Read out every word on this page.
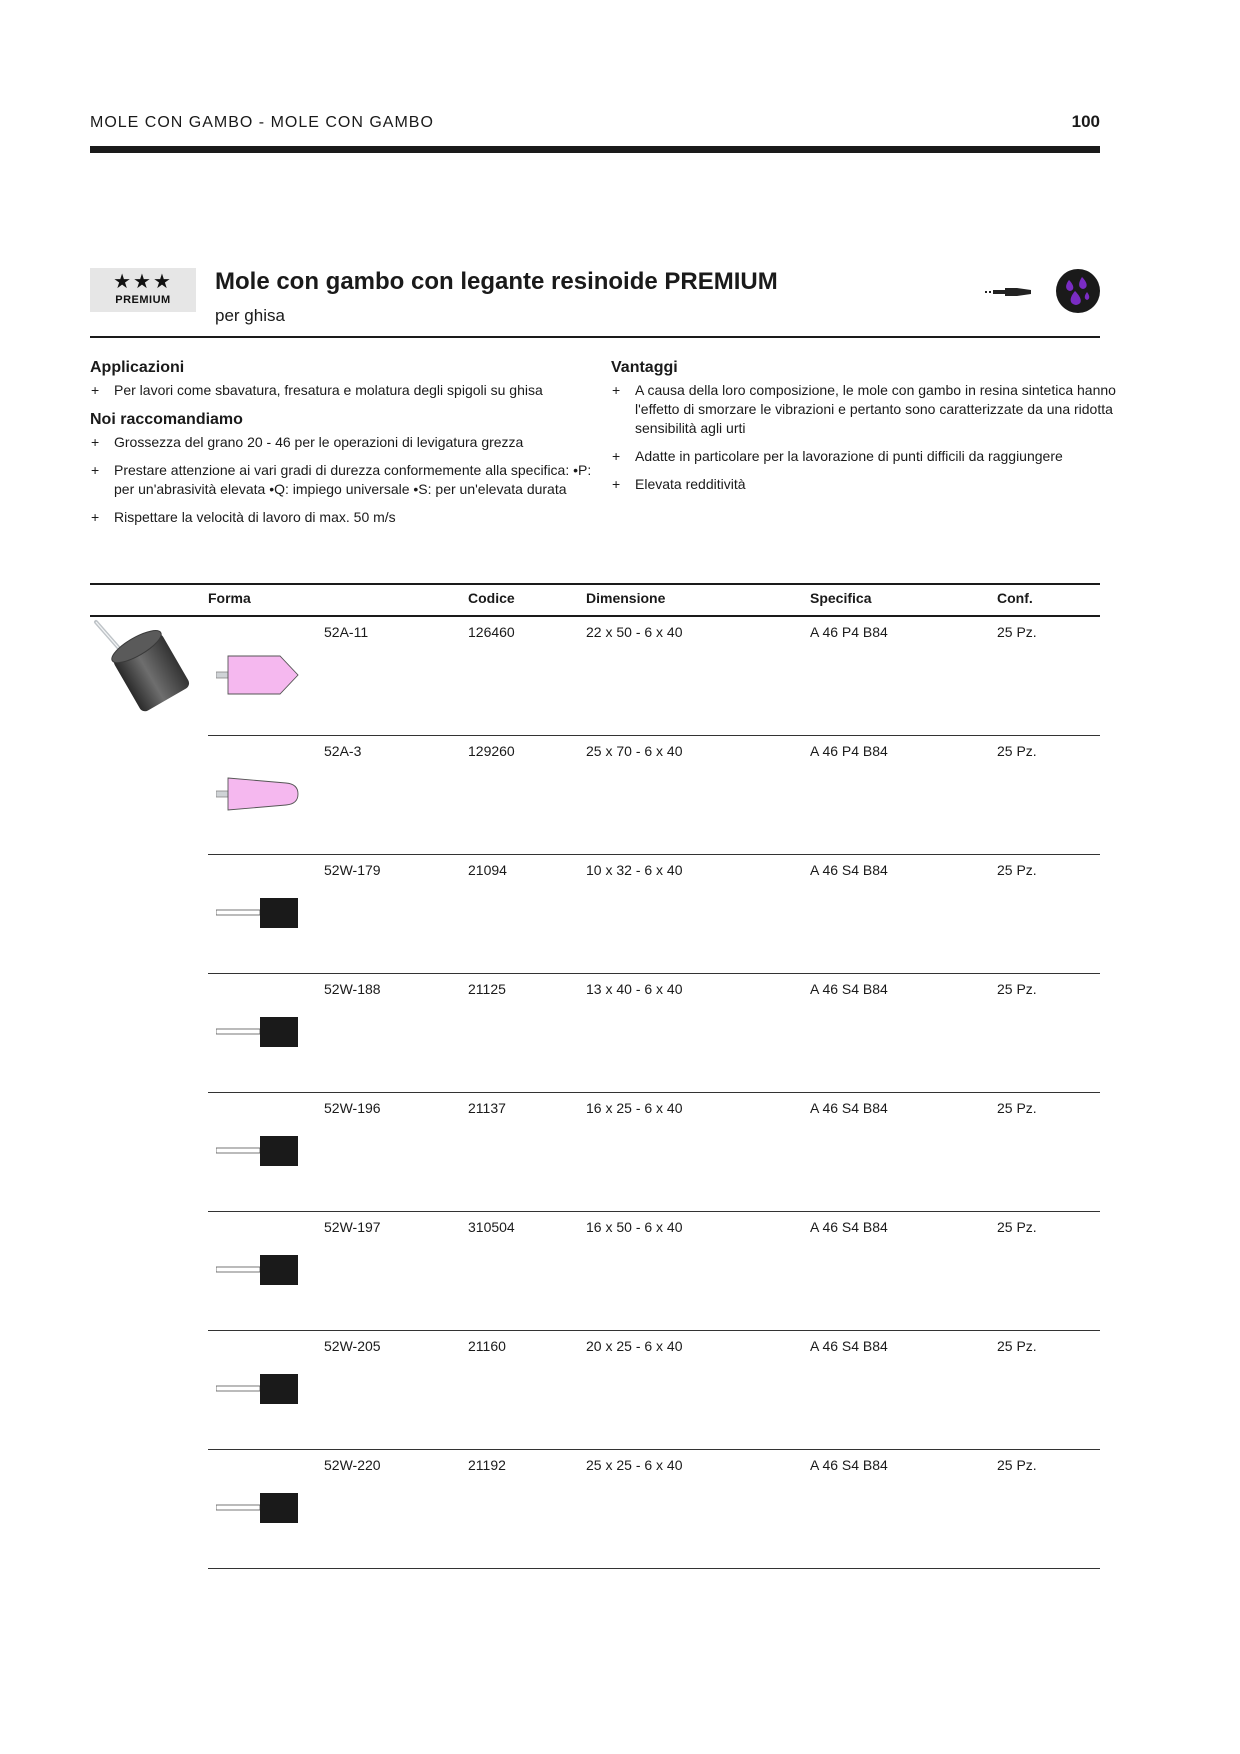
MOLE CON GAMBO - MOLE CON GAMBO	100
★★★
PREMIUM
Mole con gambo con legante resinoide PREMIUM
per ghisa
Applicazioni
+ Per lavori come sbavatura, fresatura e molatura degli spigoli su ghisa
Noi raccomandiamo
+ Grossezza del grano 20 - 46 per le operazioni di levigatura grezza
+ Prestare attenzione ai vari gradi di durezza conformemente alla specifica: •P: per un'abrasività elevata •Q: impiego universale •S: per un'elevata durata
+ Rispettare la velocità di lavoro di max. 50 m/s
Vantaggi
+ A causa della loro composizione, le mole con gambo in resina sintetica hanno l'effetto di smorzare le vibrazioni e pertanto sono caratterizzate da una ridotta sensibilità agli urti
+ Adatte in particolare per la lavorazione di punti difficili da raggiungere
+ Elevata redditività
Forma	Codice	Dimensione	Specifica	Conf.
52A-11	126460	22 x 50 - 6 x 40	A 46 P4 B84	25 Pz.
52A-3	129260	25 x 70 - 6 x 40	A 46 P4 B84	25 Pz.
52W-179	21094	10 x 32 - 6 x 40	A 46 S4 B84	25 Pz.
52W-188	21125	13 x 40 - 6 x 40	A 46 S4 B84	25 Pz.
52W-196	21137	16 x 25 - 6 x 40	A 46 S4 B84	25 Pz.
52W-197	310504	16 x 50 - 6 x 40	A 46 S4 B84	25 Pz.
52W-205	21160	20 x 25 - 6 x 40	A 46 S4 B84	25 Pz.
52W-220	21192	25 x 25 - 6 x 40	A 46 S4 B84	25 Pz.
